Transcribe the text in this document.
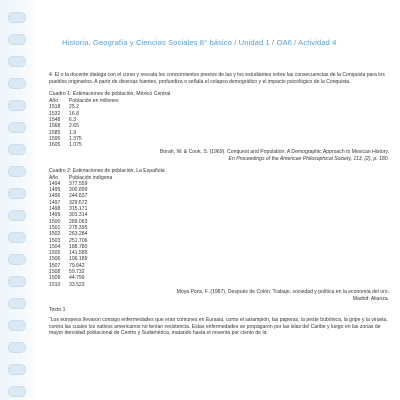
Historia, Geografía y Ciencias Sociales 8° básico / Unidad 1 / OA6 / Actividad 4

4. El o la docente dialoga con el curso y rescata los conocimientos previos de las y los estudiantes sobre las consecuencias de la Conquista para los pueblos originarios. A partir de diversas fuentes, profundiza o señala el colapso demográfico y el impacto psicológico de la Conquista.

Cuadro 1: Estimaciones de población, México Central
Año	Población en millones
1518	25.2
1532	16.8
1548	6.3
1568	2.65
1585	1.9
1595	1.375
1605	1.075
Borah, W. & Cook, S. (1969). Conquest and Population: A Demographic Approach to Mexican History.
En Proceedings of the American Philosophical Society, 113, (2), p. 180.
Cuadro 2: Estimaciones de población, La Española
Año	Población indígena
1494	377.559
1495	300.899
1496	244.837
1497	329.672
1498	315.171
1499	301.314
1500	289.063
1501	275.395
1502	263.284
1503	251.706
1504	188.780
1505	141.585
1506	106.189
1507	79.642
1508	59.732
1509	44.799
1510	33.523
Moya Pons, F. (1987). Después de Colón: Trabajo, sociedad y política en la economía del oro.
Madrid: Alianza.
Texto 1

“Los europeos llevaron consigo enfermedades que eran comunes en Eurasia, como el sarampión, las paperas, la peste bubónica, la gripe y la viruela, contra las cuales los nativos americanos no tenían resistencia. Estas enfermedades se propagaron por las islas del Caribe y luego en las zonas de mayor densidad poblacional de Centro y Sudamérica, matando hasta el noventa por ciento de la
